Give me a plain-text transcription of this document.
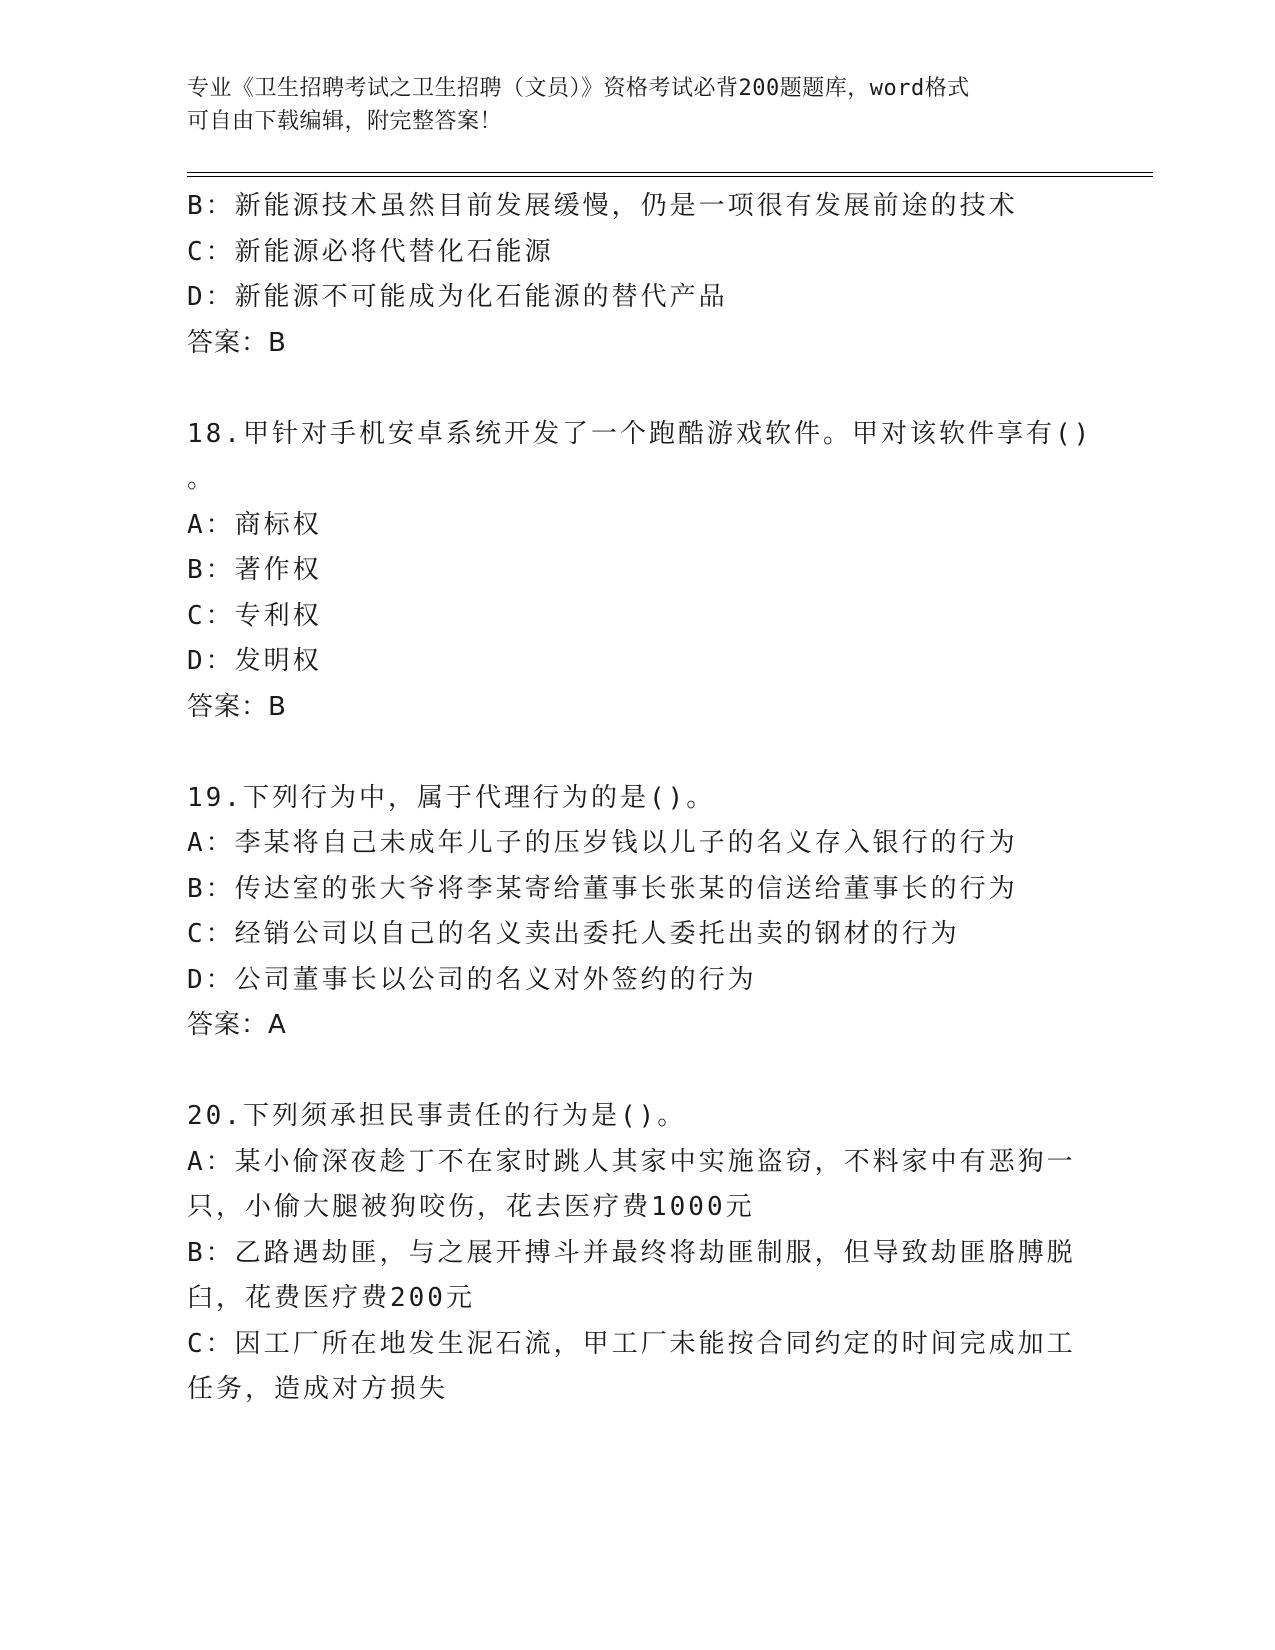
专业《卫生招聘考试之卫生招聘（文员）》资格考试必背200题题库，word格式
可自由下载编辑，附完整答案！
B：新能源技术虽然目前发展缓慢，仍是一项很有发展前途的技术
C：新能源必将代替化石能源
D：新能源不可能成为化石能源的替代产品
答案：B
18.甲针对手机安卓系统开发了一个跑酷游戏软件。甲对该软件享有()
。
A：商标权
B：著作权
C：专利权
D：发明权
答案：B
19.下列行为中，属于代理行为的是()。
A：李某将自己未成年儿子的压岁钱以儿子的名义存入银行的行为
B：传达室的张大爷将李某寄给董事长张某的信送给董事长的行为
C：经销公司以自己的名义卖出委托人委托出卖的钢材的行为
D：公司董事长以公司的名义对外签约的行为
答案：A
20.下列须承担民事责任的行为是()。
A：某小偷深夜趁丁不在家时跳人其家中实施盗窃，不料家中有恶狗一
只，小偷大腿被狗咬伤，花去医疗费1000元
B：乙路遇劫匪，与之展开搏斗并最终将劫匪制服，但导致劫匪胳膊脱
臼，花费医疗费200元
C：因工厂所在地发生泥石流，甲工厂未能按合同约定的时间完成加工
任务，造成对方损失
